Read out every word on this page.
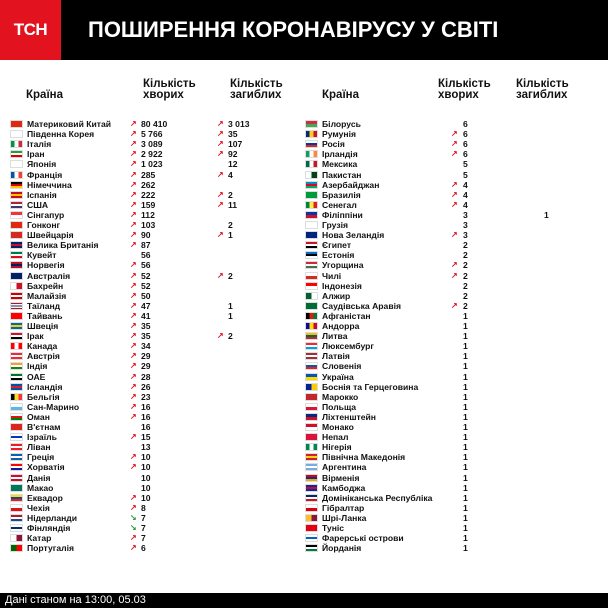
TCH	ПОШИРЕННЯ КОРОНАВІРУСУ У СВІТІ
Країна
Кількість
хворих
Кількість
загиблих	Країна
Кількість
хворих
Кількість
загиблих
Материковий Китай ↗ 80 410	↗ 3 013
Південна Корея	↗ 5 766	↗ 35
Італія	↗ 3 089	↗ 107
Іран	↗ 2 922	↗ 92
Японія	↗ 1 023	12
Франція	↗ 285	↗ 4
Німеччина	↗ 262
Іспанія	↗ 222	↗ 2
США	↗ 159	↗ 11
Сінгапур	↗ 112
Гонконг	↗ 103	2
Швейцарія	↗ 90	↗ 1
Велика Британія	↗ 87
Кувейт	56
Норвегія	↗ 56
Австралія	↗ 52	↗ 2
Бахрейн	↗ 52
Малайзія	↗ 50
Таїланд	↗ 47	1
Тайвань	↗ 41	1
Швеція	↗ 35
Ірак	↗ 35	↗ 2
Канада	↗ 34
Австрія	↗ 29
Індія	↗ 29
ОАЕ	↗ 28
Ісландія	↗ 26
Бельгія	↗ 23
Сан-Марино	↗ 16
Оман	↗ 16
В'єтнам	16
Ізраїль	↗ 15
Ліван	13
Греція	↗ 10
Хорватія	↗ 10
Данія	10
Макао	10
Еквадор	↗ 10
Чехія	↗ 8
Нідерланди	↘ 7
Фінляндія	↘ 7
Катар	↗ 7
Португалія	↗ 6
Білорусь	6
Румунія	↗ 6
Росія	↗ 6
Ірландія	↗ 6
Мексика	5
Пакистан	5
Азербайджан	↗ 4
Бразилія	↗ 4
Сенегал	↗ 4
Філіппіни	3	1
Грузія	3
Нова Зеландія	↗ 3
Єгипет	2
Естонія	2
Угорщина	↗ 2
Чилі	↗ 2
Індонезія	2
Алжир	2
Саудівська Аравія	↗ 2
Афганістан	1
Андорра	1
Литва	1
Люксембург	1
Латвія	1
Словенія	1
Україна	1
Боснія та Герцеговина	1
Марокко	1
Польща	1
Ліхтенштейн	1
Монако	1
Непал	1
Нігерія	1
Північна Македонія	1
Аргентина	1
Вірменія	1
Камбоджа	1
Домініканська Республіка	1
Гібралтар	1
Шрі-Ланка	1
Туніс	1
Фарерські острови	1
Йорданія	1
Дані станом на 13:00, 05.03
